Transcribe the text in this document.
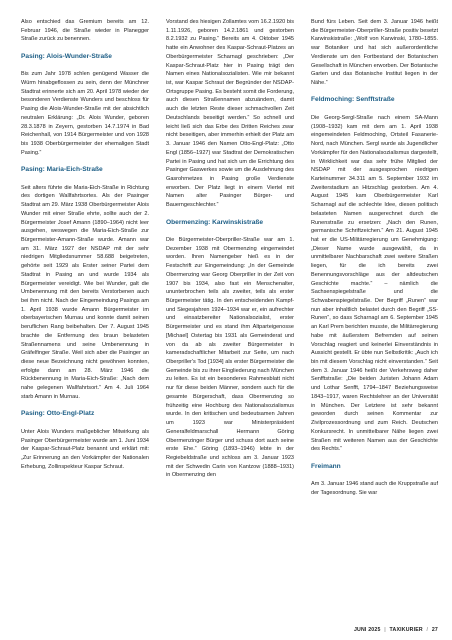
Also entschied das Gremium bereits am 12. Februar 1946, die Straße wieder in Planegger Straße zurück zu benennen.

Pasing: Alois-Wunder-Straße

Bis zum Jahr 1978 schlen genügend Wasser die Würm hinabgeflossen zu sein, denn der Münchner Stadtrat erinnerte sich am 20. April 1978 wieder der besonderen Verdienste Wunders und beschloss für Pasing die Alois-Wunder-Straße mit der absichtlich neutralen Erklärung: „Dr. Alois Wunder, geboren 28.3.1878 in Zeyern, gestorben 14.7.1974 in Bad Reichenhall, von 1914 Bürgermeister und von 1928 bis 1938 Oberbürgermeister der ehemaligen Stadt Pasing.“

Pasing: Maria-Eich-Straße

Seit alters führte die Maria-Eich-Straße in Richtung des dortigen Wallfahrtsortes. Als der Pasinger Stadtrat am 29. März 1938 Oberbürgermeister Alois Wunder mit einer Straße ehrte, sollte auch der 2. Bürgermeister Josef Amann (1890–1964) nicht leer ausgehen, weswegen die Maria-Eich-Straße zur Bürgermeister-Amann-Straße wurde. Amann war am 31. März 1927 der NSDAP mit der sehr niedrigen Mitgliedsnummer 58.688 beigetreten, gehörte seit 1929 als Erster seiner Partei dem Stadtrat in Pasing an und wurde 1934 als Bürgermeister vereidigt. Wie bei Wunder, galt die Umbenennung mit den bereits Verstorbenen auch bei ihm nicht. Nach der Eingemeindung Pasings am 1. April 1938 wurde Amann Bürgermeister im oberbayerischen Murnau und konnte damit seinen beruflichen Rang beibehalten. Der 7. August 1945 brachte die Entfernung des braun belasteten Straßennamens und seine Umbenennung in Gräfelfinger Straße. Weil sich aber die Pasinger an diese neue Bezeichnung nicht gewöhnen konnten, erfolgte dann am 28. März 1946 die Rückbenennung in Maria-Eich-Straße: „Nach dem nahe gelegenen Wallfahrtsort.“ Am 4. Juli 1964 starb Amann in Murnau.

Pasing: Otto-Engl-Platz

Unter Alois Wunders maßgeblicher Mitwirkung als Pasinger Oberbürgermeister wurde am 1. Juni 1934 der Kaspar-Schraut-Platz benannt und erklärt mit: „Zur Erinnerung an den Vorkämpfer der Nationalen Erhebung, Zollinspekteur Kaspar Schraut.

Vorstand des hiesigen Zollamtes vom 16.2.1920 bis 1.11.1926, geboren 14.2.1861 und gestorben 8.2.1932 zu Pasing.“ Bereits am 4. Oktober 1945 hatte ein Anwohner des Kaspar-Schraut-Platzes an Oberbürgermeister Scharnagl geschrieben: „Der Kaspar-Schraut-Platz hier in Pasing trägt den Namen eines Nationalsozialisten. Wie mir bekannt ist, war Kaspar Schraut der Begründer der NSDAP-Ortsgruppe Pasing. Es besteht somit die Forderung, auch diesen Straßennamen abzuändern, damit auch die letzten Reste dieser schmachvollen Zeit Deutschlands beseitigt werden.“ So schnell und leicht ließ sich das Erbe des Dritten Reiches zwar nicht beseitigen, aber immerhin erhielt der Platz am 3. Januar 1946 den Namen Otto-Engl-Platz: „Otto Engl (1856–1927) war Stadtrat der Demokratischen Partei in Pasing und hat sich um die Errichtung des Pasinger Gaswerkes sowie um die Ausdehnung des Gasrohrnetzes in Pasing große Verdienste erworben. Der Platz liegt in einem Viertel mit Namen alter Pasinger Bürger- und Bauerngeschlechter.“

Obermenzing: Karwinskistraße

Die Bürgermeister-Oberpriller-Straße war am 1. Dezember 1938 mit Obermenzing eingemeindet worden. Ihren Namengeber hieß es in der Festschrift zur Eingemeindung: „In der Gemeinde Obermenzing war Georg Oberpriller in der Zeit von 1907 bis 1934, also fast ein Menschenalter, ununterbrochen teils als zweiter, teils als erster Bürgermeister tätig. In den entscheidenden Kampf- und Siegesjahren 1924–1934 war er, ein aufrechter und einsatzbereiter Nationalsozialist, erster Bürgermeister und es stand ihm Altparteigenosse [Michael] Ostertag bis 1931 als Gemeinderat und von da ab als zweiter Bürgermeister in kameradschaftlicher Mitarbeit zur Seite, um nach Oberpriller's Tod [1934] als erster Bürgermeister die Gemeinde bis zu ihrer Eingliederung nach München zu leiten. Es ist ein besonderes Rahmesblatt nicht nur für diese beiden Männer, sondern auch für die gesamte Bürgerschaft, dass Obermenzing so frühzeitig eine Hochburg des Nationalsozialismus wurde. In den kritischen und bedeutsamen Jahren um 1923 war Ministerpräsident Generalfeldmarschall Hermann Göring Obermenzinger Bürger und schuss dort auch seine erste Ehe.“ Göring (1893–1946) lebte in der Regiebeldstraße und schloss am 3. Januar 1923 mit der Schwedin Carin von Kantzow (1888–1931) in Obermenzing den

Bund fürs Leben. Seit dem 3. Januar 1946 heißt die Bürgermeister-Oberpriller-Straße positiv besetzt Karwinskistraße: „Wolf von Karwinski, 1780–1855. war Botaniker und hat sich außerordentliche Verdienste um den Fortbestand der Botanischen Gesellschaft in München erworben. Der Botanische Garten und das Botanische Institut liegen in der Nähe.“

Feldmoching: Senfftstraße

Die Georg-Sergl-Straße nach einem SA-Mann (1908–1932) kam mit dem am 1. April 1938 eingemeindeten Feldmoching, Ortsteil Fasanerie-Nord, nach München. Sergl wurde als Jugendlicher Vorkämpfer für den Nationalsozialismus dargestellt, in Wirklichkeit war das sehr frühe Mitglied der NSDAP mit der ausgesprochen niedrigen Karteinummer 34.311 am 5. September 1932 im Zweiterstadium an Hitzschlag gestorben. Am 4. August 1945 kam Oberbürgermeister Karl Scharnagl auf die schlechte Idee, diesen politisch belasteten Namen ausgerechnet durch die Runenstraße zu ersetzen: „Nach den Runen, germanische Schriftzeichen.“ Am 21. August 1945 hat er die US-Militärregierung um Genehmigung: „Dieser Name wurde ausgewählt, da in unmittelbarer Nachbarschaft zwei weitere Straßen liegen, für die ich bereits zwei Benennungsvorschläge aus der altdeutschen Geschichte machte.“ – nämlich die Sachsenspiegelstraße und die Schwabenspiegelstraße. Der Begriff „Runen“ war nun aber inhaltlich belastet durch den Begriff „SS-Runen“, so dass Scharnagl am 6. September 1945 an Karl Prem berichten musste, die Militärregierung habe mit äußerstem Befremden auf seinen Vorschlag reagiert und keinerlei Einverständnis in Aussicht gestellt. Er übte nun Selbstkritik: „Auch ich bin mit diesem Vorschlag nicht einverstanden.“ Seit dem 3. Januar 1946 heißt der Verkehrsweg daher Senfftstraße: „Die beiden Juristen Johann Adam und Lothar Senfft, 1794–1847 Beziehungsweise 1843–1917, waren Rechtslehrer an der Universität in München. Der Letztere ist sehr bekannt geworden durch seinen Kommentar zur Zivilprozessordnung und zum Reich. Deutschen Konkursrecht. In unmittelbarer Nähe liegen zwei Straßen mit weiteren Namen aus der Geschichte des Rechts.“

Freimann

Am 3. Januar 1946 stand auch die Kruppstraße auf der Tagesordnung. Sie war

JUNI 2025 | TAXIKURIER / 27
